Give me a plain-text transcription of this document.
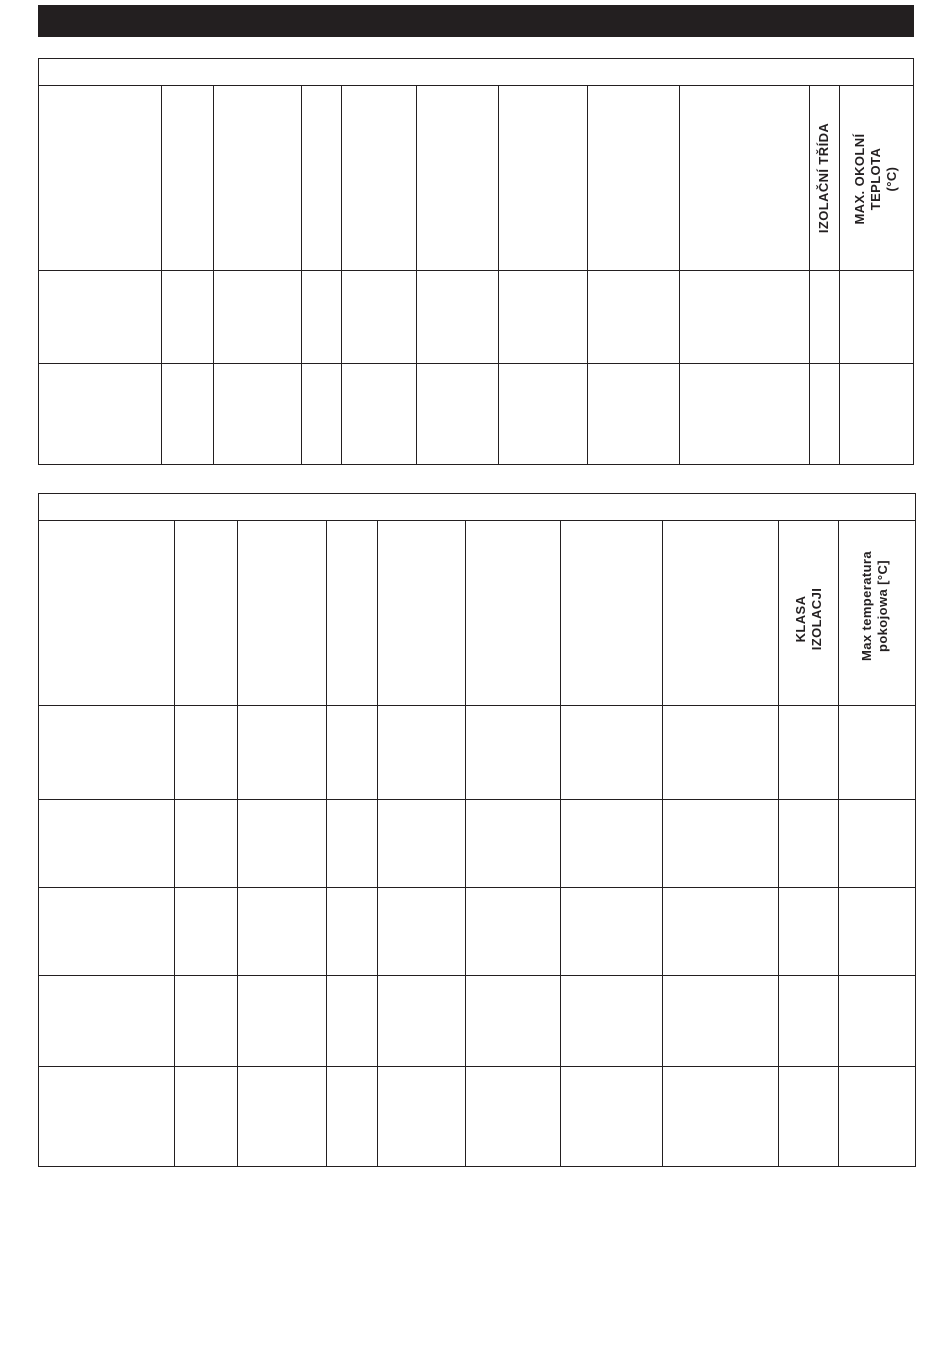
IZOLAČNÍ TŘÍDA	MAX. OKOLNÍ
TEPLOTA
(°C)
KLASA
IZOLACJI	Max temperatura
pokojowa [°C]
